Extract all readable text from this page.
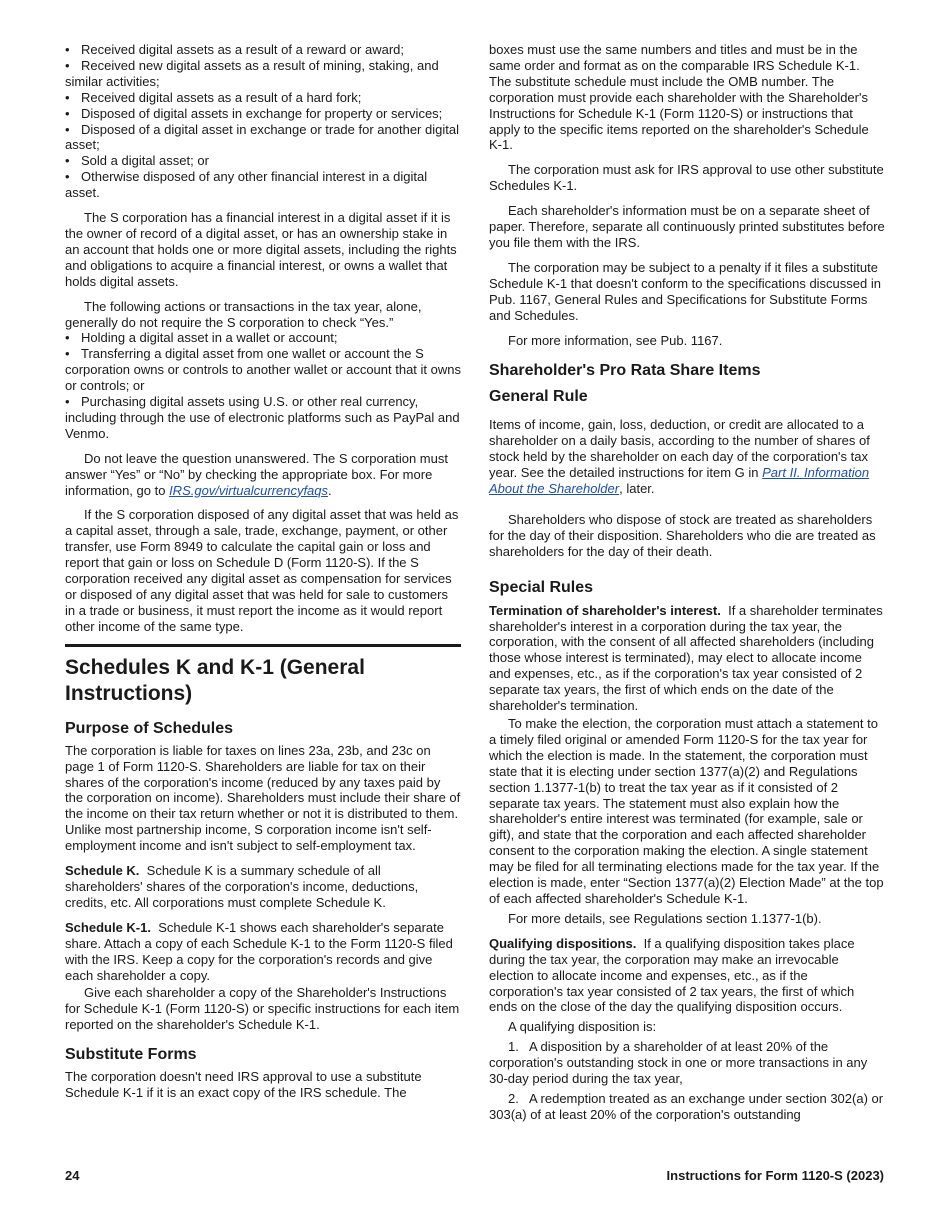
• Received digital assets as a result of a reward or award;
• Received new digital assets as a result of mining, staking, and similar activities;
• Received digital assets as a result of a hard fork;
• Disposed of digital assets in exchange for property or services;
• Disposed of a digital asset in exchange or trade for another digital asset;
• Sold a digital asset; or
• Otherwise disposed of any other financial interest in a digital asset.

The S corporation has a financial interest in a digital asset if it is the owner of record of a digital asset, or has an ownership stake in an account that holds one or more digital assets, including the rights and obligations to acquire a financial interest, or owns a wallet that holds digital assets.

The following actions or transactions in the tax year, alone, generally do not require the S corporation to check “Yes.”

• Holding a digital asset in a wallet or account;
• Transferring a digital asset from one wallet or account the S corporation owns or controls to another wallet or account that it owns or controls; or
• Purchasing digital assets using U.S. or other real currency, including through the use of electronic platforms such as PayPal and Venmo.

Do not leave the question unanswered. The S corporation must answer “Yes” or “No” by checking the appropriate box. For more information, go to IRS.gov/virtualcurrencyfaqs.

If the S corporation disposed of any digital asset that was held as a capital asset, through a sale, trade, exchange, payment, or other transfer, use Form 8949 to calculate the capital gain or loss and report that gain or loss on Schedule D (Form 1120-S). If the S corporation received any digital asset as compensation for services or disposed of any digital asset that was held for sale to customers in a trade or business, it must report the income as it would report other income of the same type.

Schedules K and K-1 (General Instructions)
Purpose of Schedules

The corporation is liable for taxes on lines 23a, 23b, and 23c on page 1 of Form 1120-S. Shareholders are liable for tax on their shares of the corporation's income (reduced by any taxes paid by the corporation on income). Shareholders must include their share of the income on their tax return whether or not it is distributed to them. Unlike most partnership income, S corporation income isn't self-employment income and isn't subject to self-employment tax.

Schedule K. Schedule K is a summary schedule of all shareholders' shares of the corporation's income, deductions, credits, etc. All corporations must complete Schedule K.

Schedule K-1. Schedule K-1 shows each shareholder's separate share. Attach a copy of each Schedule K-1 to the Form 1120-S filed with the IRS. Keep a copy for the corporation's records and give each shareholder a copy.

Give each shareholder a copy of the Shareholder's Instructions for Schedule K-1 (Form 1120-S) or specific instructions for each item reported on the shareholder's Schedule K-1.

Substitute Forms

The corporation doesn't need IRS approval to use a substitute Schedule K-1 if it is an exact copy of the IRS schedule. The

boxes must use the same numbers and titles and must be in the same order and format as on the comparable IRS Schedule K-1. The substitute schedule must include the OMB number. The corporation must provide each shareholder with the Shareholder's Instructions for Schedule K-1 (Form 1120-S) or instructions that apply to the specific items reported on the shareholder's Schedule K-1.

The corporation must ask for IRS approval to use other substitute Schedules K-1.

Each shareholder's information must be on a separate sheet of paper. Therefore, separate all continuously printed substitutes before you file them with the IRS.

The corporation may be subject to a penalty if it files a substitute Schedule K-1 that doesn't conform to the specifications discussed in Pub. 1167, General Rules and Specifications for Substitute Forms and Schedules.

For more information, see Pub. 1167.

Shareholder's Pro Rata Share Items
General Rule

Items of income, gain, loss, deduction, or credit are allocated to a shareholder on a daily basis, according to the number of shares of stock held by the shareholder on each day of the corporation's tax year. See the detailed instructions for item G in Part II. Information About the Shareholder, later.

Shareholders who dispose of stock are treated as shareholders for the day of their disposition. Shareholders who die are treated as shareholders for the day of their death.

Special Rules

Termination of shareholder's interest. If a shareholder terminates shareholder's interest in a corporation during the tax year, the corporation, with the consent of all affected shareholders (including those whose interest is terminated), may elect to allocate income and expenses, etc., as if the corporation's tax year consisted of 2 separate tax years, the first of which ends on the date of the shareholder's termination.

To make the election, the corporation must attach a statement to a timely filed original or amended Form 1120-S for the tax year for which the election is made. In the statement, the corporation must state that it is electing under section 1377(a)(2) and Regulations section 1.1377-1(b) to treat the tax year as if it consisted of 2 separate tax years. The statement must also explain how the shareholder's entire interest was terminated (for example, sale or gift), and state that the corporation and each affected shareholder consent to the corporation making the election. A single statement may be filed for all terminating elections made for the tax year. If the election is made, enter “Section 1377(a)(2) Election Made” at the top of each affected shareholder's Schedule K-1.

For more details, see Regulations section 1.1377-1(b).

Qualifying dispositions. If a qualifying disposition takes place during the tax year, the corporation may make an irrevocable election to allocate income and expenses, etc., as if the corporation's tax year consisted of 2 tax years, the first of which ends on the close of the day the qualifying disposition occurs.

A qualifying disposition is:

1.   A disposition by a shareholder of at least 20% of the corporation's outstanding stock in one or more transactions in any 30-day period during the tax year,

2.   A redemption treated as an exchange under section 302(a) or 303(a) of at least 20% of the corporation's outstanding

24	Instructions for Form 1120-S (2023)
